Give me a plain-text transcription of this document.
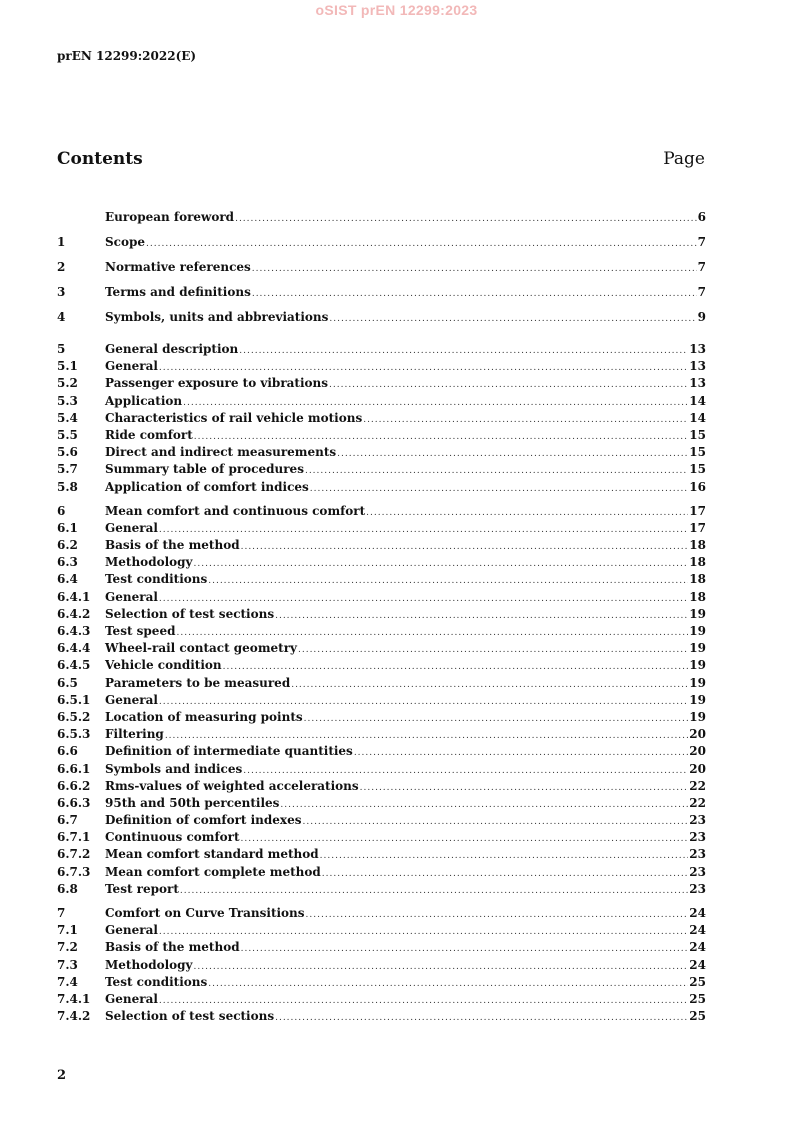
oSIST prEN 12299:2023
prEN 12299:2022(E)
Contents	Page
European foreword .....	6
1	Scope .....	7
2	Normative references .....	7
3	Terms and definitions .....	7
4	Symbols, units and abbreviations .....	9
5	General description .....	13
5.1	General .....	13
5.2	Passenger exposure to vibrations .....	13
5.3	Application .....	14
5.4	Characteristics of rail vehicle motions .....	14
5.5	Ride comfort .....	15
5.6	Direct and indirect measurements .....	15
5.7	Summary table of procedures .....	15
5.8	Application of comfort indices .....	16
6	Mean comfort and continuous comfort .....	17
6.1	General .....	17
6.2	Basis of the method .....	18
6.3	Methodology .....	18
6.4	Test conditions .....	18
6.4.1	General .....	18
6.4.2	Selection of test sections .....	19
6.4.3	Test speed .....	19
6.4.4	Wheel-rail contact geometry .....	19
6.4.5	Vehicle condition .....	19
6.5	Parameters to be measured .....	19
6.5.1	General .....	19
6.5.2	Location of measuring points .....	19
6.5.3	Filtering .....	20
6.6	Definition of intermediate quantities .....	20
6.6.1	Symbols and indices .....	20
6.6.2	Rms-values of weighted accelerations .....	22
6.6.3	95th and 50th percentiles .....	22
6.7	Definition of comfort indexes .....	23
6.7.1	Continuous comfort .....	23
6.7.2	Mean comfort standard method .....	23
6.7.3	Mean comfort complete method .....	23
6.8	Test report .....	23
7	Comfort on Curve Transitions .....	24
7.1	General .....	24
7.2	Basis of the method .....	24
7.3	Methodology .....	24
7.4	Test conditions .....	25
7.4.1	General .....	25
7.4.2	Selection of test sections .....	25
2
